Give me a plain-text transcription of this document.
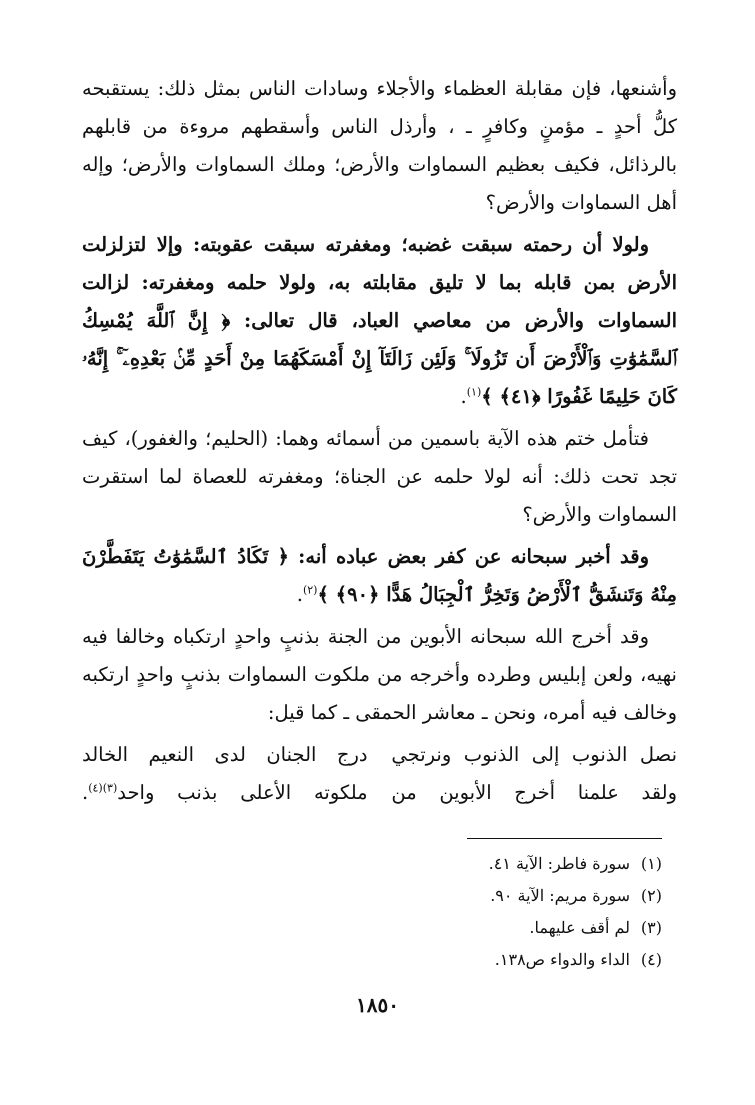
وأشنعها، فإن مقابلة العظماء والأجلاء وسادات الناس بمثل ذلك: يستقبحه كلُّ أحدٍ ـ مؤمنٍ وكافرٍ ـ ، وأرذل الناس وأسقطهم مروءة من قابلهم بالرذائل، فكيف بعظيم السماوات والأرض؛ وملك السماوات والأرض؛ وإله أهل السماوات والأرض؟

ولولا أن رحمته سبقت غضبه؛ ومغفرته سبقت عقوبته: وإلا لتزلزلت الأرض بمن قابله بما لا تليق مقابلته به، ولولا حلمه ومغفرته: لزالت السماوات والأرض من معاصي العباد، قال تعالى: ﴿ إِنَّ ٱللَّهَ يُمْسِكُ ٱلسَّمَٰوَٰتِ وَٱلْأَرْضَ أَن تَزُولَا ۚ وَلَئِن زَالَتَآ إِنْ أَمْسَكَهُمَا مِنْ أَحَدٍ مِّنۢ بَعْدِهِۦٓ ۚ إِنَّهُۥ كَانَ حَلِيمًا غَفُورًا ﴿٤١﴾ ﴾$^{(١)}$.

فتأمل ختم هذه الآية باسمين من أسمائه وهما: (الحليم؛ والغفور)، كيف تجد تحت ذلك: أنه لولا حلمه عن الجناة؛ ومغفرته للعصاة لما استقرت السماوات والأرض؟

وقد أخبر سبحانه عن كفر بعض عباده أنه: ﴿ تَكَادُ ٱلسَّمَٰوَٰتُ يَتَفَطَّرْنَ مِنْهُ وَتَنشَقُّ ٱلْأَرْضُ وَتَخِرُّ ٱلْجِبَالُ هَدًّا ﴿٩٠﴾ ﴾$^{(٢)}$.

وقد أخرج الله سبحانه الأبوين من الجنة بذنبٍ واحدٍ ارتكباه وخالفا فيه نهيه، ولعن إبليس وطرده وأخرجه من ملكوت السماوات بذنبٍ واحدٍ ارتكبه وخالف فيه أمره، ونحن ـ معاشر الحمقى ـ كما قيل:

نصل الذنوب إلى الذنوب ونرتجي
درج الجنان لدى النعيم الخالد
ولقد علمنا أخرج الأبوين من
ملكوته الأعلى بذنب واحد$^{(٣)(٤)}$.
(١)سورة فاطر: الآية ٤١.
(٢)سورة مريم: الآية ٩٠.
(٣)لم أقف عليهما.
(٤)الداء والدواء ص١٣٨.
١٨٥٠
